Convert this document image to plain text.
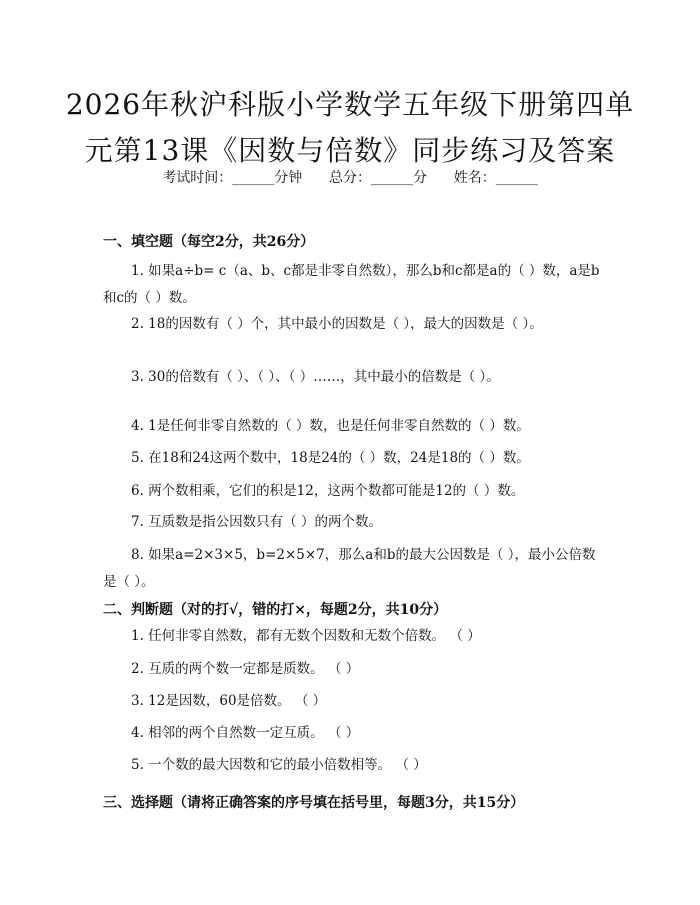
2026年秋沪科版小学数学五年级下册第四单
元第13课《因数与倍数》同步练习及答案
考试时间：______分钟      总分：______分      姓名：______
一、填空题（每空2分，共26分）
1. 如果a÷b= c（a、b、c都是非零自然数），那么b和c都是a的（ ）数，a是b和c的（ ）数。
2. 18的因数有（ ）个，其中最小的因数是（ ），最大的因数是（ ）。
3. 30的倍数有（ ）、（ ）、（ ）……，其中最小的倍数是（ ）。
4. 1是任何非零自然数的（ ）数，也是任何非零自然数的（ ）数。
5. 在18和24这两个数中，18是24的（ ）数，24是18的（ ）数。
6. 两个数相乘，它们的积是12，这两个数都可能是12的（ ）数。
7. 互质数是指公因数只有（ ）的两个数。
8. 如果a=2×3×5，b=2×5×7，那么a和b的最大公因数是（ ），最小公倍数是（ ）。
二、判断题（对的打√，错的打×，每题2分，共10分）
1. 任何非零自然数，都有无数个因数和无数个倍数。 （ ）
2. 互质的两个数一定都是质数。 （ ）
3. 12是因数，60是倍数。 （ ）
4. 相邻的两个自然数一定互质。 （ ）
5. 一个数的最大因数和它的最小倍数相等。 （ ）
三、选择题（请将正确答案的序号填在括号里，每题3分，共15分）
